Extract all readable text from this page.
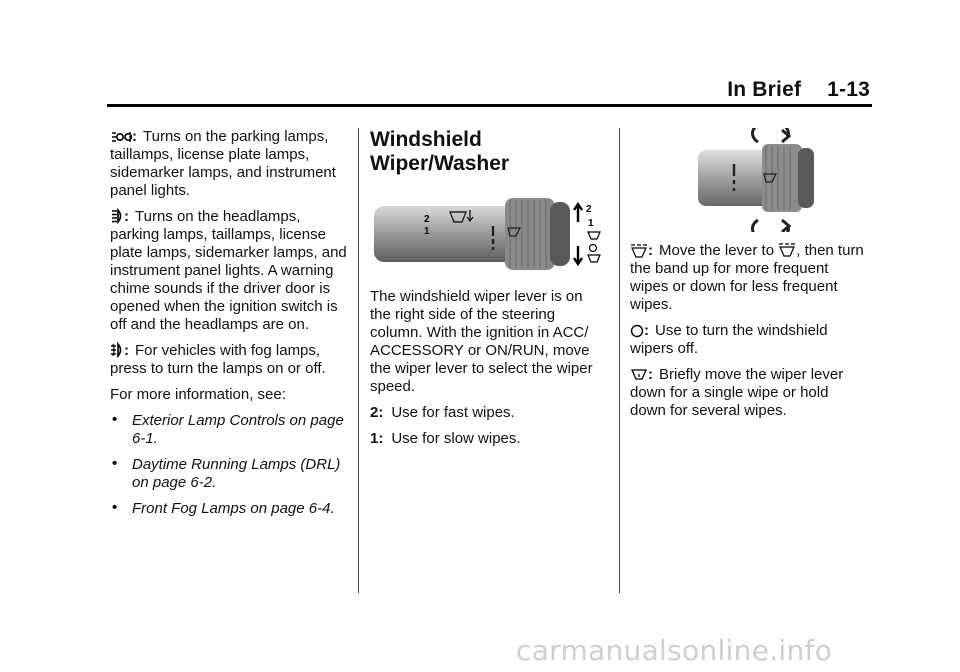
In Brief 1-13

:Turns on the parking lamps, taillamps, license plate lamps, sidemarker lamps, and instrument panel lights.

:Turns on the headlamps, parking lamps, taillamps, license plate lamps, sidemarker lamps, and instrument panel lights. A warning chime sounds if the driver door is opened when the ignition switch is off and the headlamps are on.

:For vehicles with fog lamps, press to turn the lamps on or off.

For more information, see:

• Exterior Lamp Controls on page 6-1.
• Daytime Running Lamps (DRL) on page 6-2.
• Front Fog Lamps on page 6-4.
Windshield Wiper/Washer
2
1
2
1

The windshield wiper lever is on the right side of the steering column. With the ignition in ACC/ ACCESSORY or ON/RUN, move the wiper lever to select the wiper speed.

2: Use for fast wipes.

1: Use for slow wipes.

:Move the lever to , then turn the band up for more frequent wipes or down for less frequent wipes.

:Use to turn the windshield wipers off.

:Briefly move the wiper lever down for a single wipe or hold down for several wipes.

carmanualsonline.info
